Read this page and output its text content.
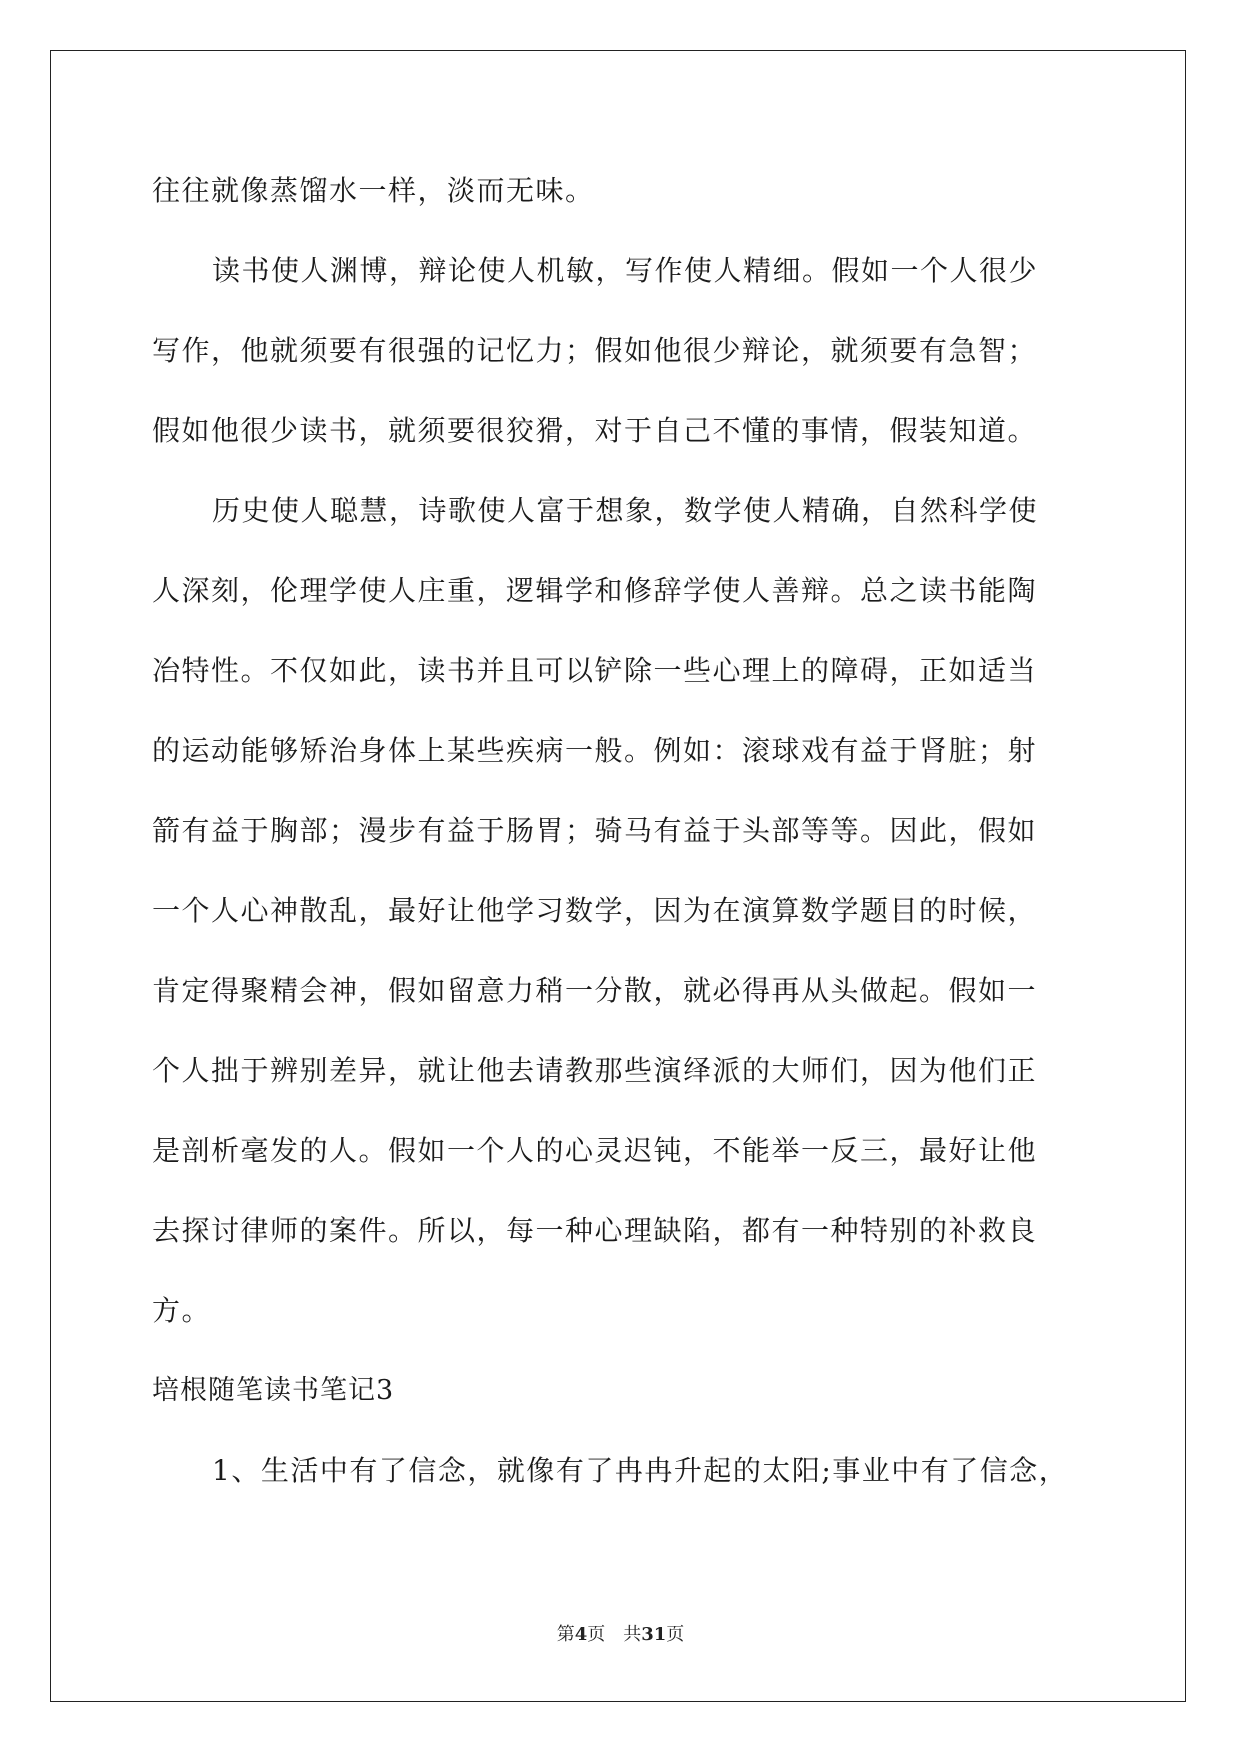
往往就像蒸馏水一样，淡而无味。
读书使人渊博，辩论使人机敏，写作使人精细。假如一个人很少
写作，他就须要有很强的记忆力；假如他很少辩论，就须要有急智；
假如他很少读书，就须要很狡猾，对于自己不懂的事情，假装知道。
历史使人聪慧，诗歌使人富于想象，数学使人精确，自然科学使
人深刻，伦理学使人庄重，逻辑学和修辞学使人善辩。总之读书能陶
冶特性。不仅如此，读书并且可以铲除一些心理上的障碍，正如适当
的运动能够矫治身体上某些疾病一般。例如：滚球戏有益于肾脏；射
箭有益于胸部；漫步有益于肠胃；骑马有益于头部等等。因此，假如
一个人心神散乱，最好让他学习数学，因为在演算数学题目的时候，
肯定得聚精会神，假如留意力稍一分散，就必得再从头做起。假如一
个人拙于辨别差异，就让他去请教那些演绎派的大师们，因为他们正
是剖析毫发的人。假如一个人的心灵迟钝，不能举一反三，最好让他
去探讨律师的案件。所以，每一种心理缺陷，都有一种特别的补救良
方。
培根随笔读书笔记3
1、生活中有了信念，就像有了冉冉升起的太阳;事业中有了信念，
第4页　共31页
